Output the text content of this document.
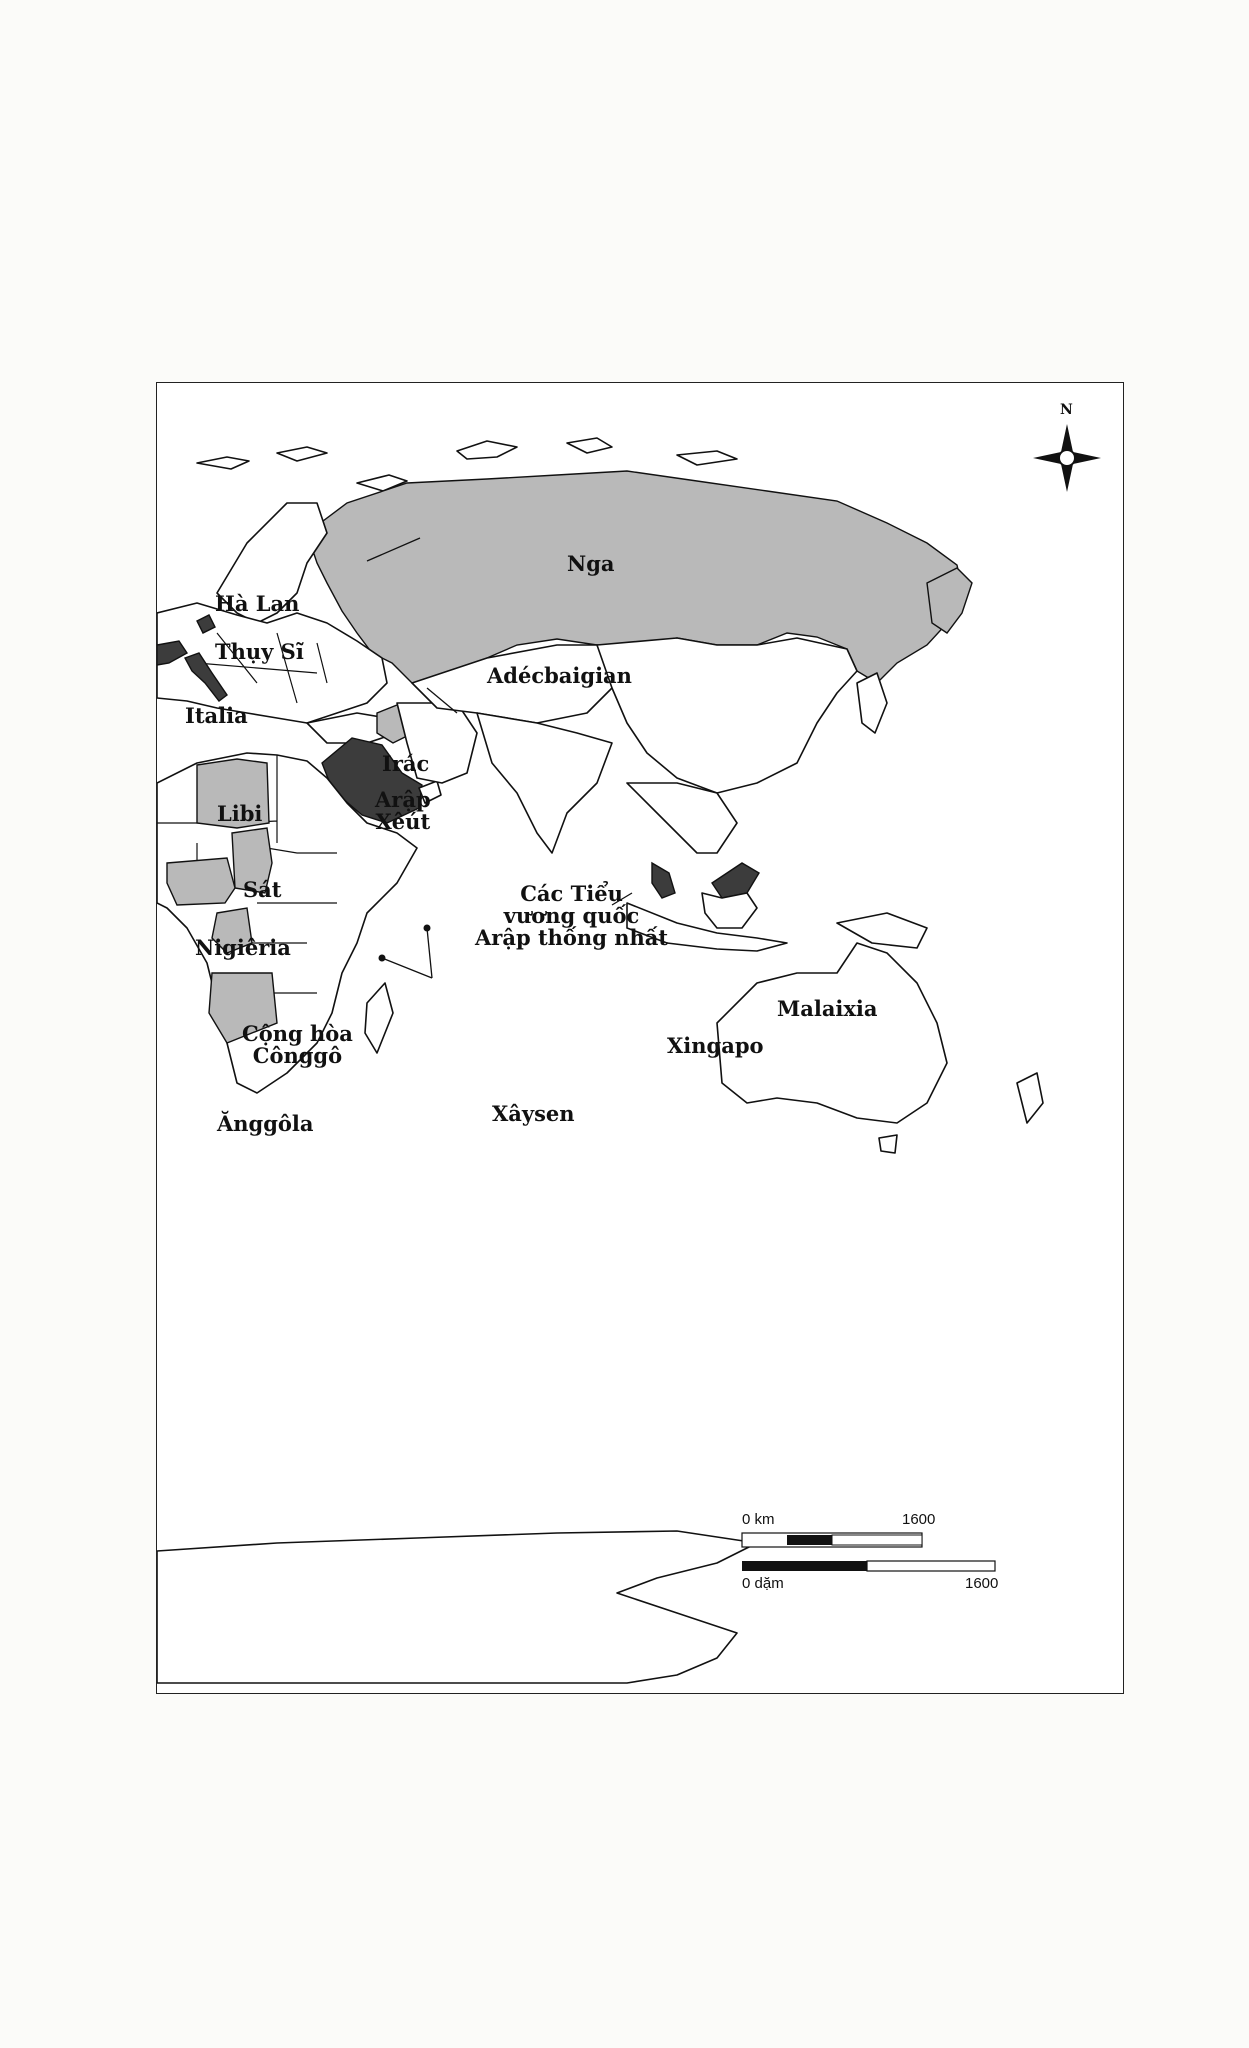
N
Nga
Hà Lan
Thụy Sĩ
Italia
Adécbaigian
Irác
Arập
Xêút
Libi
Sát
Nigiêria
Các Tiểu
vương quốc
Arập thống nhất
Malaixia
Xingapo
Cộng hòa
Cônggô
Ănggôla	Xâysen
0 km	1600
0 dặm	1600
